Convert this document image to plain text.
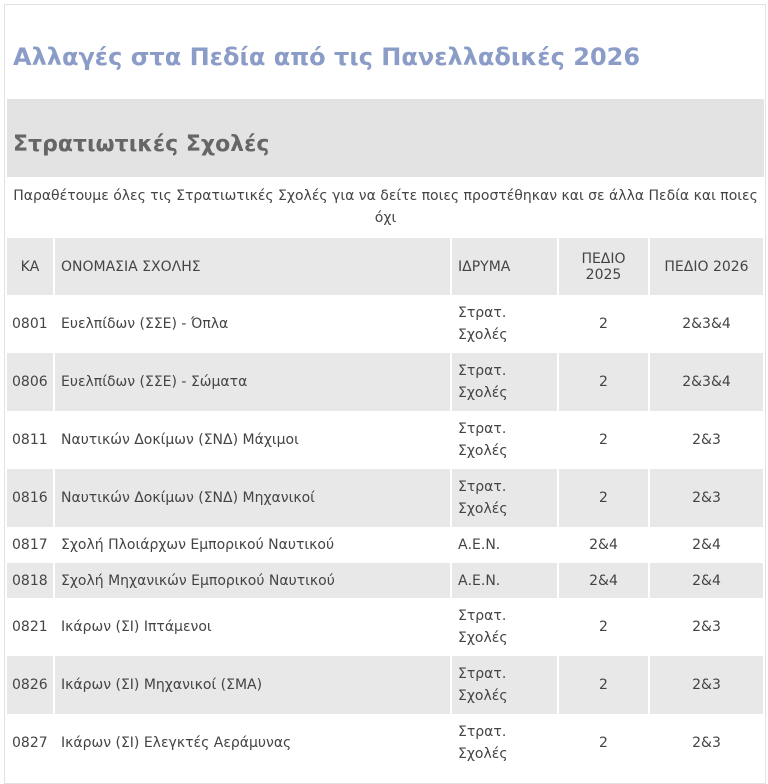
Αλλαγές στα Πεδία από τις Πανελλαδικές 2026
Στρατιωτικές Σχολές
Παραθέτουμε όλες τις Στρατιωτικές Σχολές για να δείτε ποιες προστέθηκαν και σε άλλα Πεδία και ποιες όχι
ΚΑ	ΟΝΟΜΑΣΙΑ ΣΧΟΛΗΣ	ΙΔΡΥΜΑ	ΠΕΔΙΟ 2025	ΠΕΔΙΟ 2026
0801	Ευελπίδων (ΣΣΕ) - Όπλα	Στρατ. Σχολές	2	2&3&4
0806	Ευελπίδων (ΣΣΕ) - Σώματα	Στρατ. Σχολές	2	2&3&4
0811	Ναυτικών Δοκίμων (ΣΝΔ) Μάχιμοι	Στρατ. Σχολές	2	2&3
0816	Ναυτικών Δοκίμων (ΣΝΔ) Μηχανικοί	Στρατ. Σχολές	2	2&3
0817	Σχολή Πλοιάρχων Εμπορικού Ναυτικού	Α.Ε.Ν.	2&4	2&4
0818	Σχολή Μηχανικών Εμπορικού Ναυτικού	Α.Ε.Ν.	2&4	2&4
0821	Ικάρων (ΣΙ) Ιπτάμενοι	Στρατ. Σχολές	2	2&3
0826	Ικάρων (ΣΙ) Μηχανικοί (ΣΜΑ)	Στρατ. Σχολές	2	2&3
0827	Ικάρων (ΣΙ) Ελεγκτές Αεράμυνας	Στρατ. Σχολές	2	2&3
